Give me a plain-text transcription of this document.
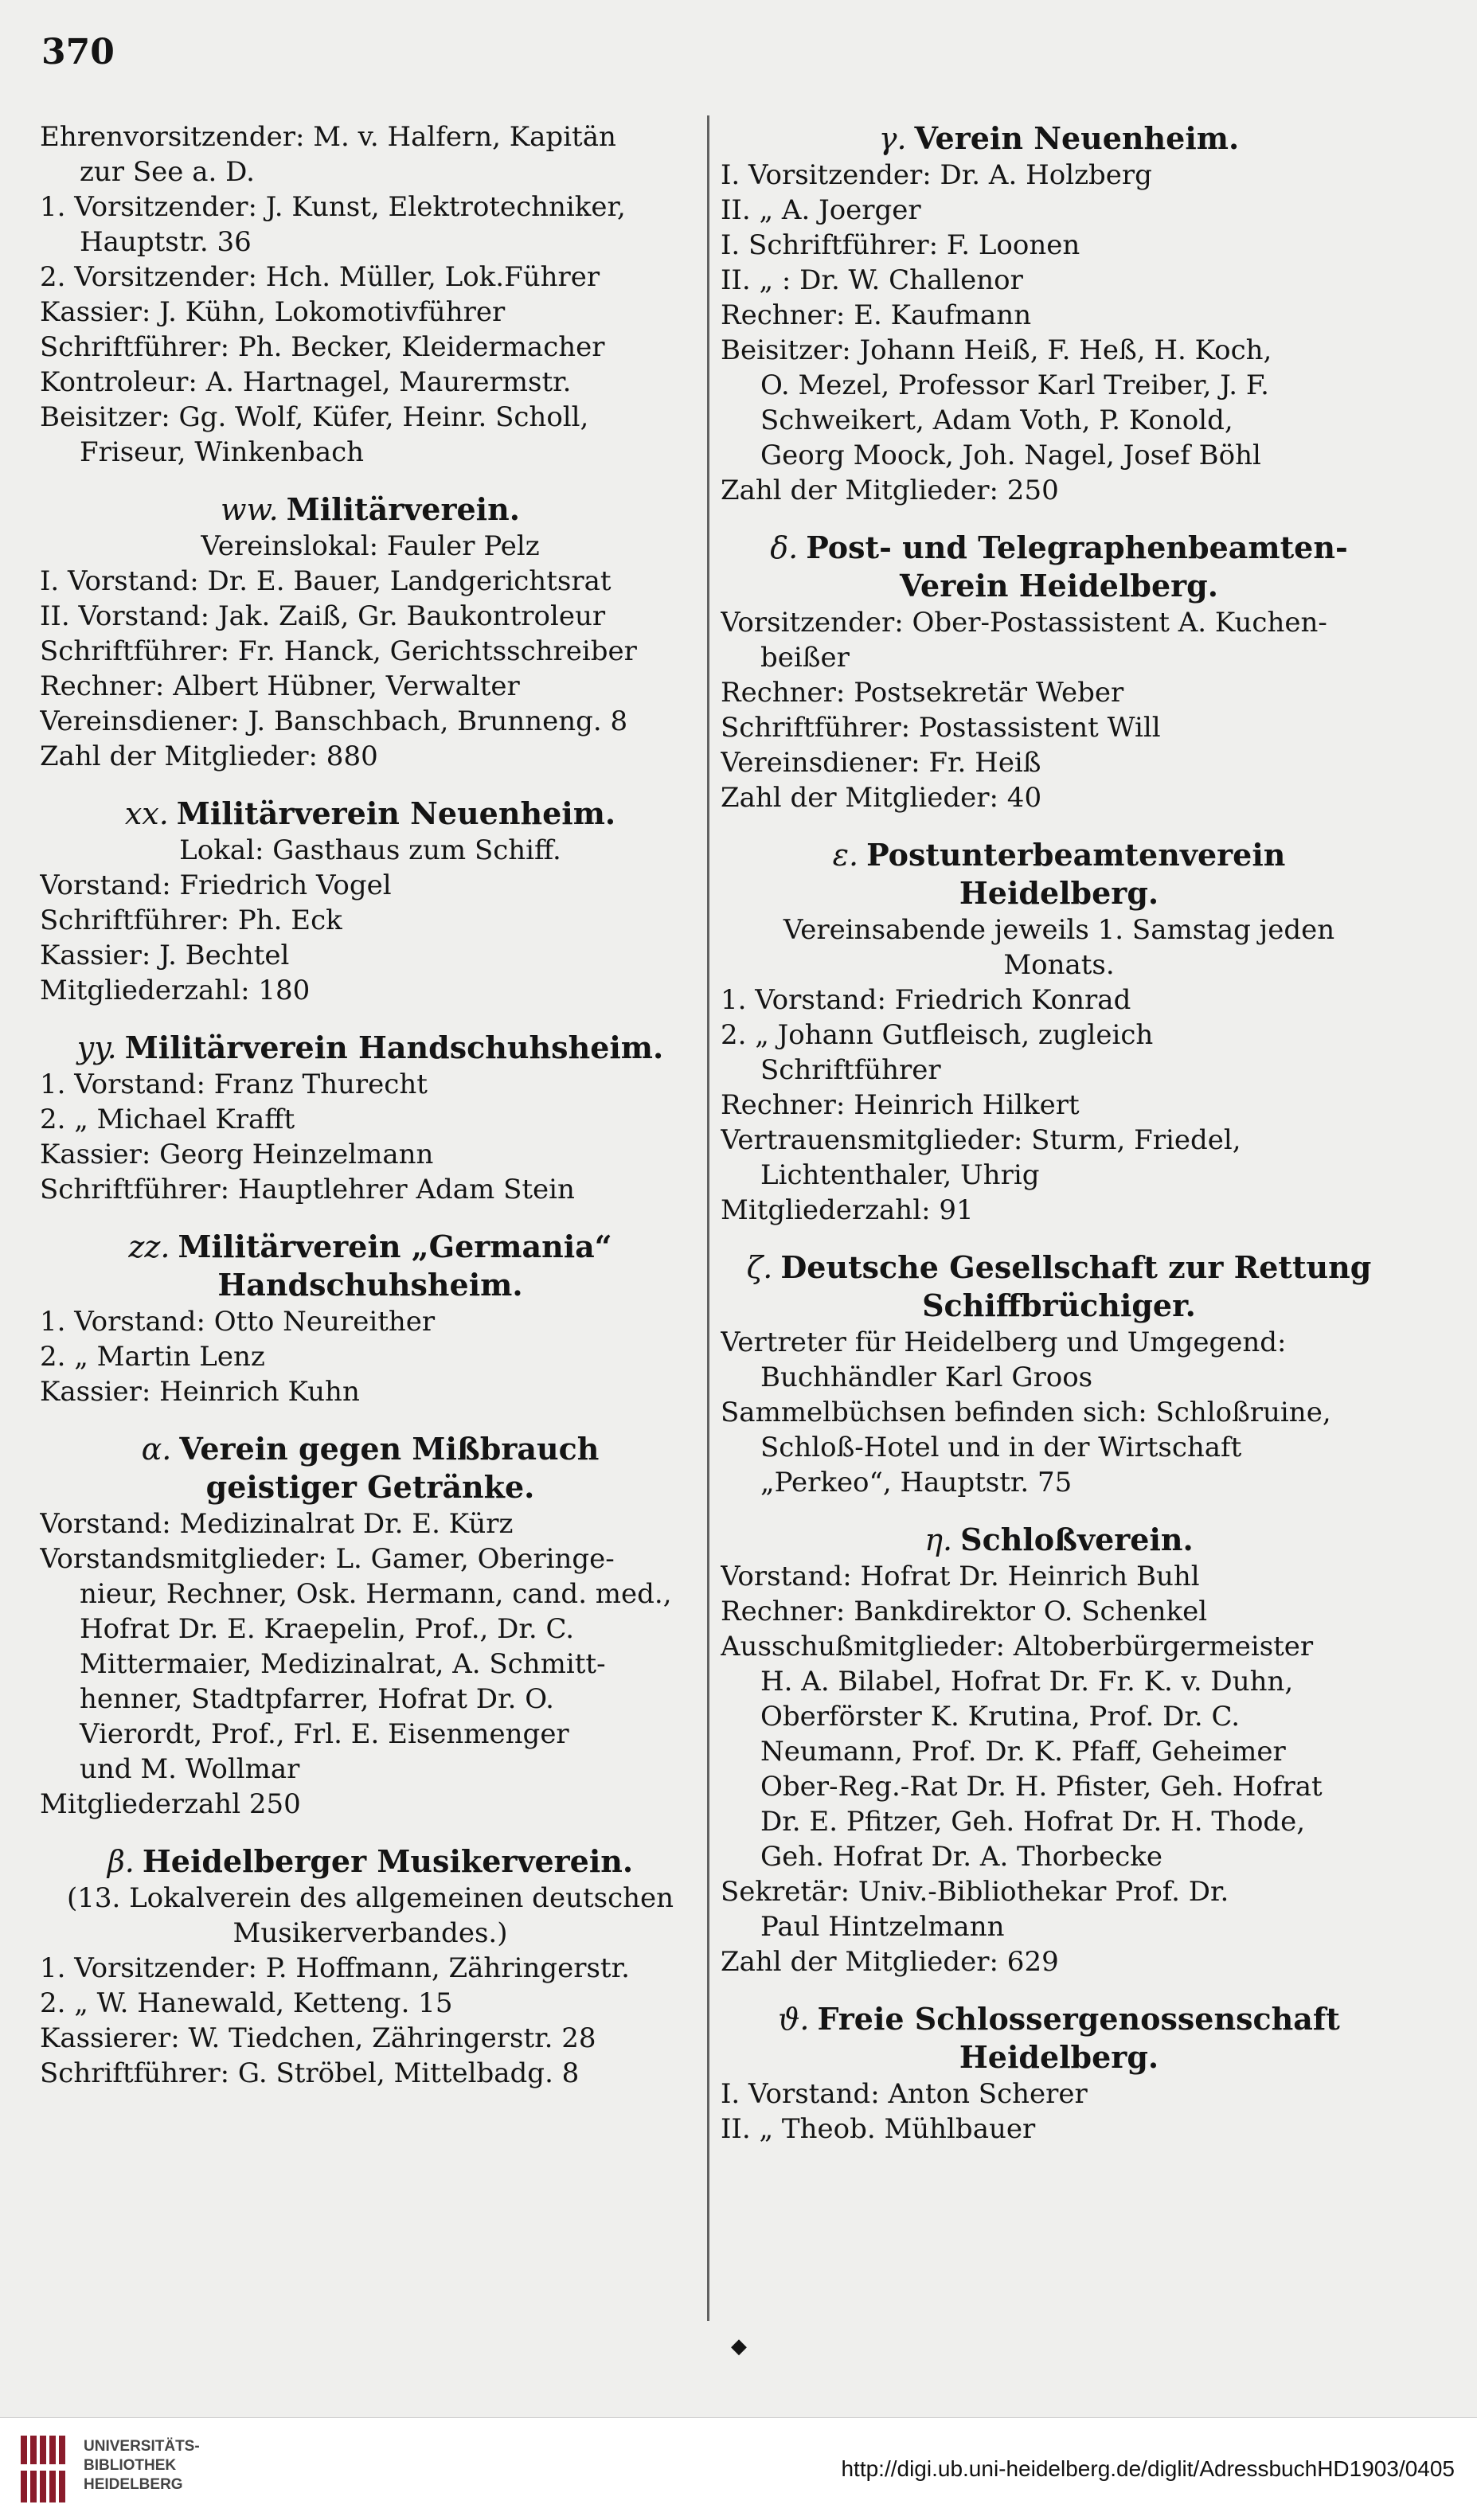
370
Ehrenvorsitzender: M. v. Halfern, Kapitän
zur See a. D.
1. Vorsitzender: J. Kunst, Elektrotechniker,
Hauptstr. 36
2. Vorsitzender: Hch. Müller, Lok.Führer
Kassier: J. Kühn, Lokomotivführer
Schriftführer: Ph. Becker, Kleidermacher
Kontroleur: A. Hartnagel, Maurermstr.
Beisitzer: Gg. Wolf, Küfer, Heinr. Scholl,
Friseur, Winkenbach
ww. Militärverein.
Vereinslokal: Fauler Pelz
I. Vorstand: Dr. E. Bauer, Landgerichtsrat
II. Vorstand: Jak. Zaiß, Gr. Baukontroleur
Schriftführer: Fr. Hanck, Gerichtsschreiber
Rechner: Albert Hübner, Verwalter
Vereinsdiener: J. Banschbach, Brunneng. 8
Zahl der Mitglieder: 880
xx. Militärverein Neuenheim.
Lokal: Gasthaus zum Schiff.
Vorstand: Friedrich Vogel
Schriftführer: Ph. Eck
Kassier: J. Bechtel
Mitgliederzahl: 180
yy. Militärverein Handschuhsheim.
1. Vorstand: Franz Thurecht
2. „ Michael Krafft
Kassier: Georg Heinzelmann
Schriftführer: Hauptlehrer Adam Stein
zz. Militärverein „Germania“
Handschuhsheim.
1. Vorstand: Otto Neureither
2. „ Martin Lenz
Kassier: Heinrich Kuhn
α. Verein gegen Mißbrauch
geistiger Getränke.
Vorstand: Medizinalrat Dr. E. Kürz
Vorstandsmitglieder: L. Gamer, Oberinge-
nieur, Rechner, Osk. Hermann, cand. med.,
Hofrat Dr. E. Kraepelin, Prof., Dr. C.
Mittermaier, Medizinalrat, A. Schmitt-
henner, Stadtpfarrer, Hofrat Dr. O.
Vierordt, Prof., Frl. E. Eisenmenger
und M. Wollmar
Mitgliederzahl 250
β. Heidelberger Musikerverein.
(13. Lokalverein des allgemeinen deutschen
Musikerverbandes.)
1. Vorsitzender: P. Hoffmann, Zähringerstr.
2. „ W. Hanewald, Ketteng. 15
Kassierer: W. Tiedchen, Zähringerstr. 28
Schriftführer: G. Ströbel, Mittelbadg. 8
γ. Verein Neuenheim.
I. Vorsitzender: Dr. A. Holzberg
II. „ A. Joerger
I. Schriftführer: F. Loonen
II. „ : Dr. W. Challenor
Rechner: E. Kaufmann
Beisitzer: Johann Heiß, F. Heß, H. Koch,
O. Mezel, Professor Karl Treiber, J. F.
Schweikert, Adam Voth, P. Konold,
Georg Moock, Joh. Nagel, Josef Böhl
Zahl der Mitglieder: 250
δ. Post- und Telegraphenbeamten-
Verein Heidelberg.
Vorsitzender: Ober-Postassistent A. Kuchen-
beißer
Rechner: Postsekretär Weber
Schriftführer: Postassistent Will
Vereinsdiener: Fr. Heiß
Zahl der Mitglieder: 40
ε. Postunterbeamtenverein
Heidelberg.
Vereinsabende jeweils 1. Samstag jeden
Monats.
1. Vorstand: Friedrich Konrad
2. „ Johann Gutfleisch, zugleich
Schriftführer
Rechner: Heinrich Hilkert
Vertrauensmitglieder: Sturm, Friedel,
Lichtenthaler, Uhrig
Mitgliederzahl: 91
ζ. Deutsche Gesellschaft zur Rettung
Schiffbrüchiger.
Vertreter für Heidelberg und Umgegend:
Buchhändler Karl Groos
Sammelbüchsen befinden sich: Schloßruine,
Schloß-Hotel und in der Wirtschaft
„Perkeo“, Hauptstr. 75
η. Schloßverein.
Vorstand: Hofrat Dr. Heinrich Buhl
Rechner: Bankdirektor O. Schenkel
Ausschußmitglieder: Altoberbürgermeister
H. A. Bilabel, Hofrat Dr. Fr. K. v. Duhn,
Oberförster K. Krutina, Prof. Dr. C.
Neumann, Prof. Dr. K. Pfaff, Geheimer
Ober-Reg.-Rat Dr. H. Pfister, Geh. Hofrat
Dr. E. Pfitzer, Geh. Hofrat Dr. H. Thode,
Geh. Hofrat Dr. A. Thorbecke
Sekretär: Univ.-Bibliothekar Prof. Dr.
Paul Hintzelmann
Zahl der Mitglieder: 629
ϑ. Freie Schlossergenossenschaft
Heidelberg.
I. Vorstand: Anton Scherer
II. „ Theob. Mühlbauer
◆
UNIVERSITÄTS-
BIBLIOTHEK
HEIDELBERG
http://digi.ub.uni-heidelberg.de/diglit/AdressbuchHD1903/0405
